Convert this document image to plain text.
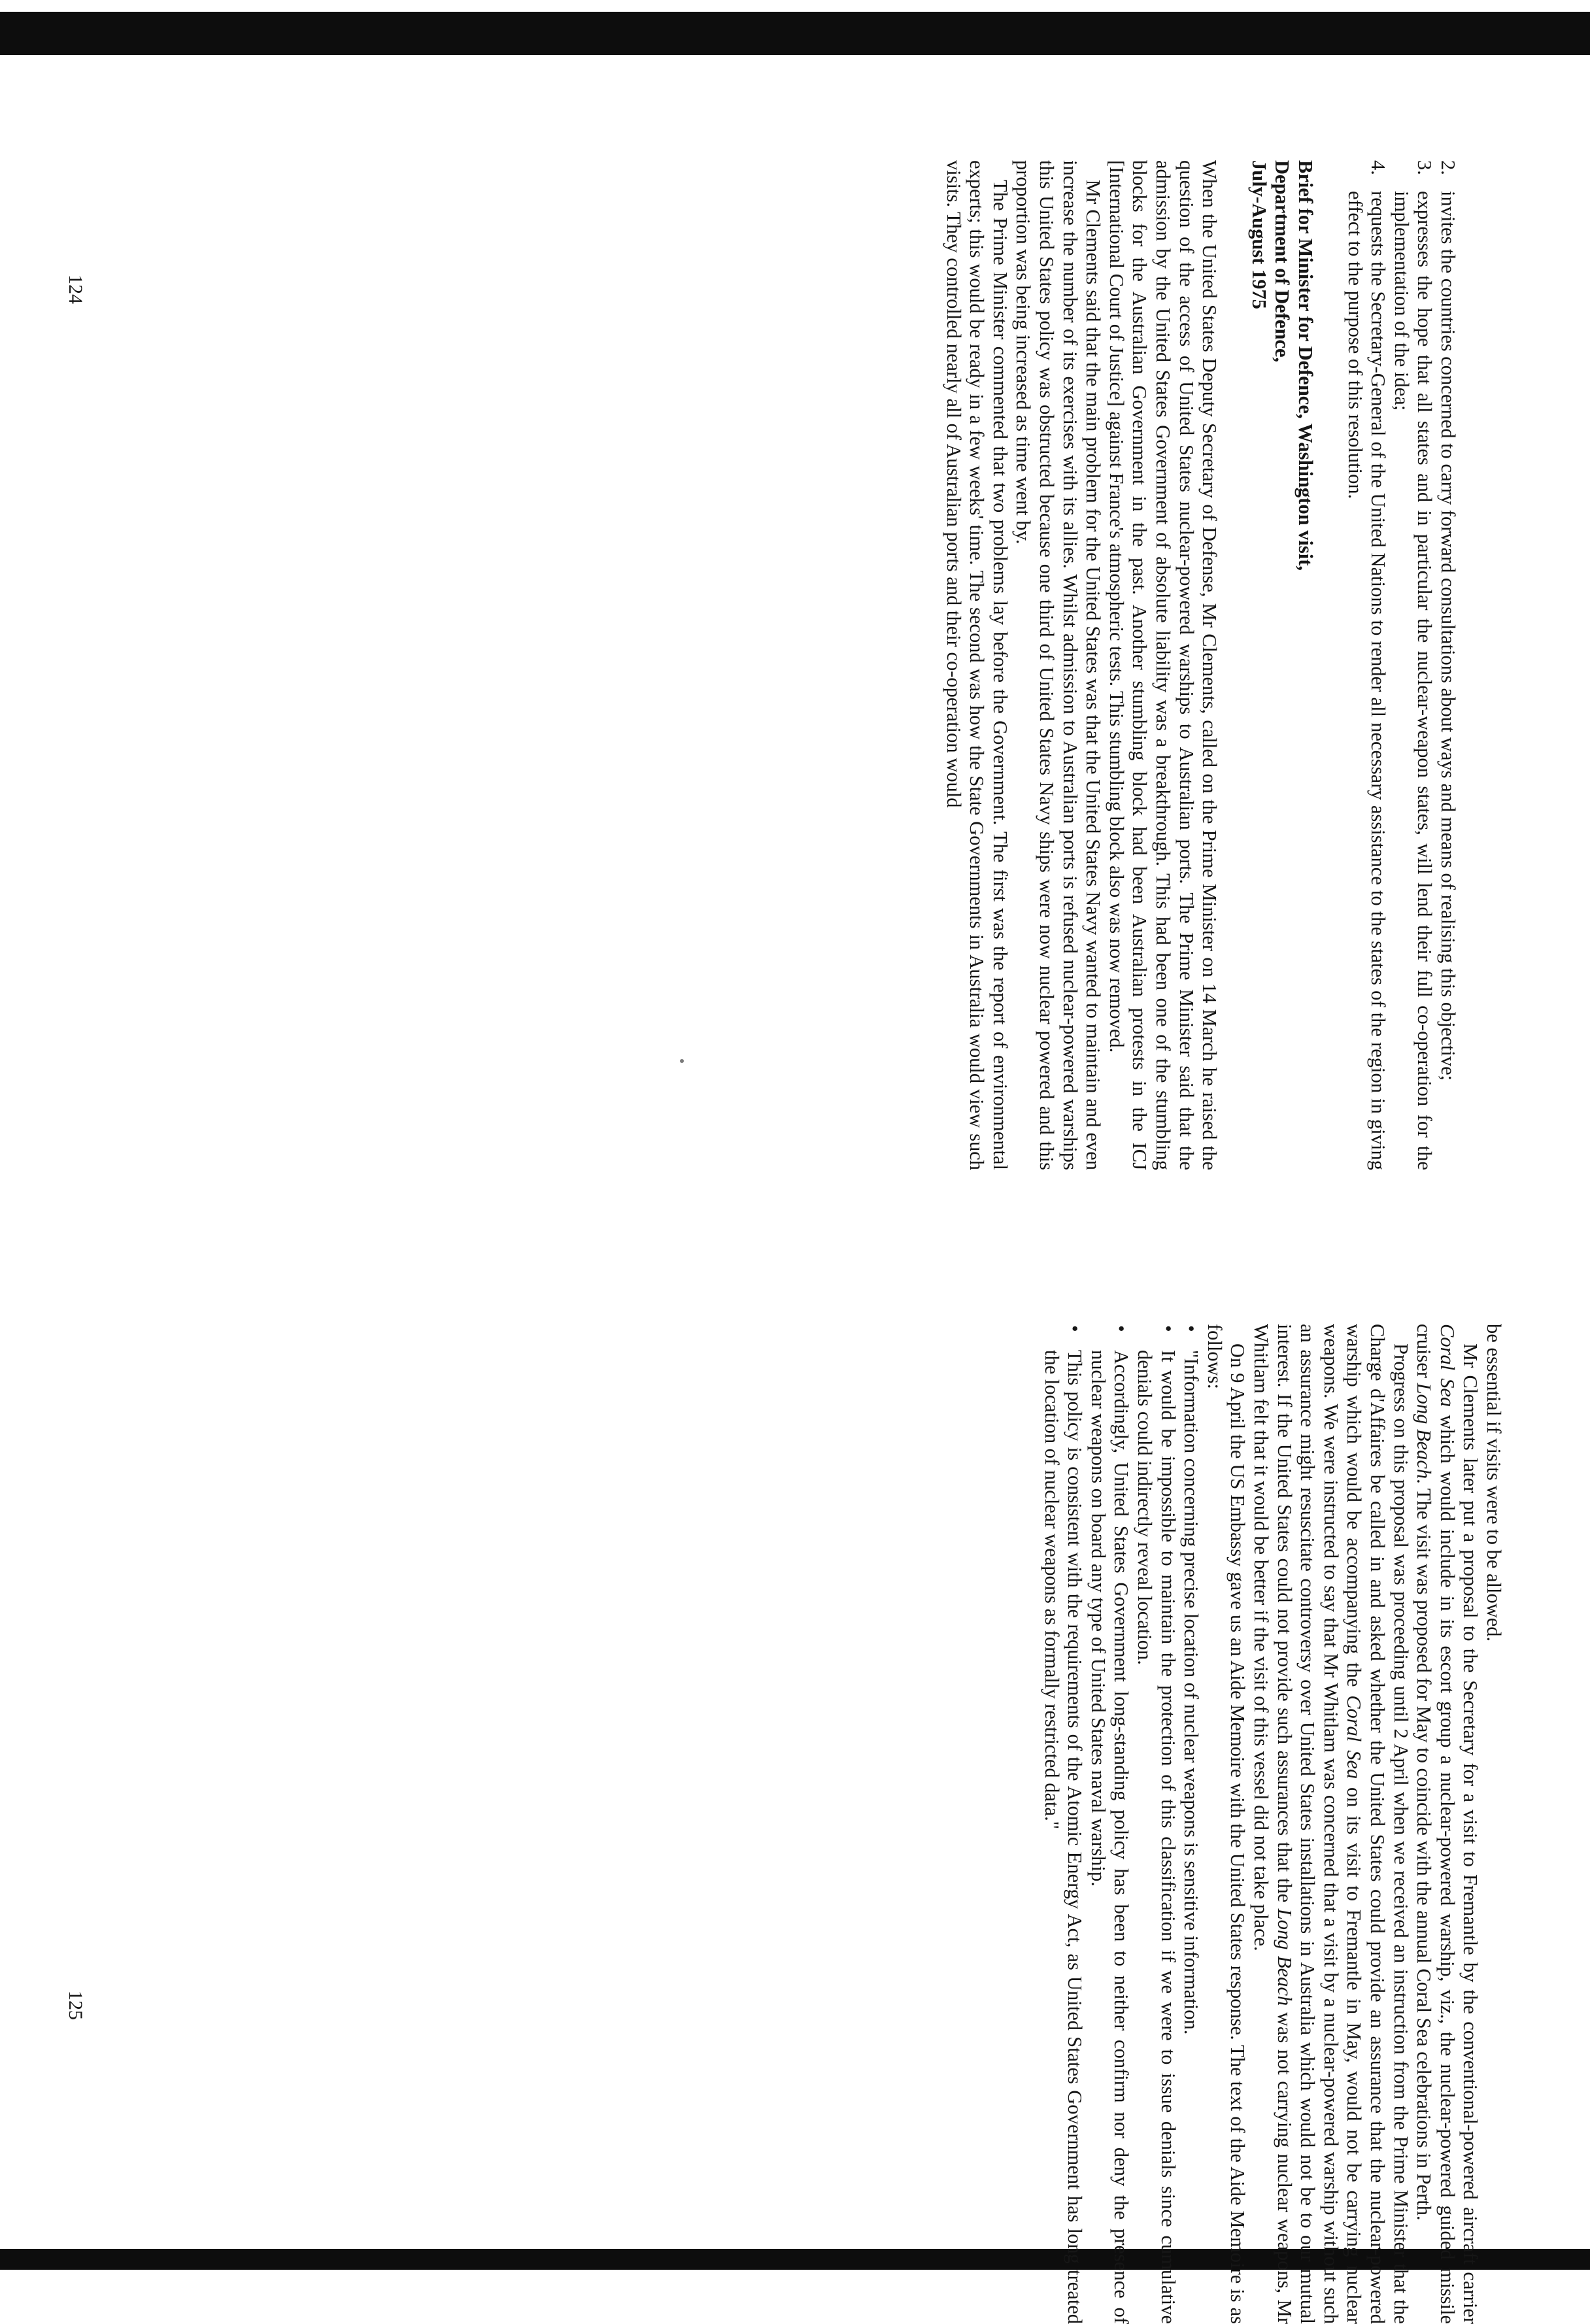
2.
invites the countries concerned to carry forward consultations about ways and means of realising this objective;
3.
expresses the hope that all states and in particular the nuclear-weapon states, will lend their full co-operation for the implementation of the idea;
4.
requests the Secretary-General of the United Nations to render all necessary assistance to the states of the region in giving effect to the purpose of this resolution.
Brief for Minister for Defence, Washington visit,
Department of Defence,
July-August 1975

When the United States Deputy Secretary of Defense, Mr Clements, called on the Prime Minister on 14 March he raised the question of the access of United States nuclear-powered warships to Australian ports. The Prime Minister said that the admission by the United States Government of absolute liability was a breakthrough. This had been one of the stumbling blocks for the Australian Government in the past. Another stumbling block had been Australian protests in the ICJ [International Court of Justice] against France's atmospheric tests. This stumbling block also was now removed.

Mr Clements said that the main problem for the United States was that the United States Navy wanted to maintain and even increase the number of its exercises with its allies. Whilst admission to Australian ports is refused nuclear-powered warships this United States policy was obstructed because one third of United States Navy ships were now nuclear powered and this proportion was being increased as time went by.

The Prime Minister commented that two problems lay before the Government. The first was the report of environmental experts; this would be ready in a few weeks' time. The second was how the State Governments in Australia would view such visits. They controlled nearly all of Australian ports and their co-operation would

124

be essential if visits were to be allowed.

Mr Clements later put a proposal to the Secretary for a visit to Fremantle by the conventional-powered aircraft carrier Coral Sea which would include in its escort group a nuclear-powered warship, viz., the nuclear-powered guided missile cruiser Long Beach. The visit was proposed for May to coincide with the annual Coral Sea celebrations in Perth.

Progress on this proposal was proceeding until 2 April when we received an instruction from the Prime Minister that the Charge d'Affaires be called in and asked whether the United States could provide an assurance that the nuclear-powered warship which would be accompanying the Coral Sea on its visit to Fremantle in May, would not be carrying nuclear weapons. We were instructed to say that Mr Whitlam was concerned that a visit by a nuclear-powered warship without such an assurance might resuscitate controversy over United States installations in Australia which would not be to our mutual interest. If the United States could not provide such assurances that the Long Beach was not carrying nuclear weapons, Mr Whitlam felt that it would be better if the visit of this vessel did not take place.

On 9 April the US Embassy gave us an Aide Memoire with the United States response. The text of the Aide Memoire is as follows:

•
"Information concerning precise location of nuclear weapons is sensitive information.
•
It would be impossible to maintain the protection of this classification if we were to issue denials since cumulative denials could indirectly reveal location.
•
Accordingly, United States Government long-standing policy has been to neither confirm nor deny the presence of nuclear weapons on board any type of United States naval warship.
•
This policy is consistent with the requirements of the Atomic Energy Act, as United States Government has long treated the location of nuclear weapons as formally restricted data."
125
